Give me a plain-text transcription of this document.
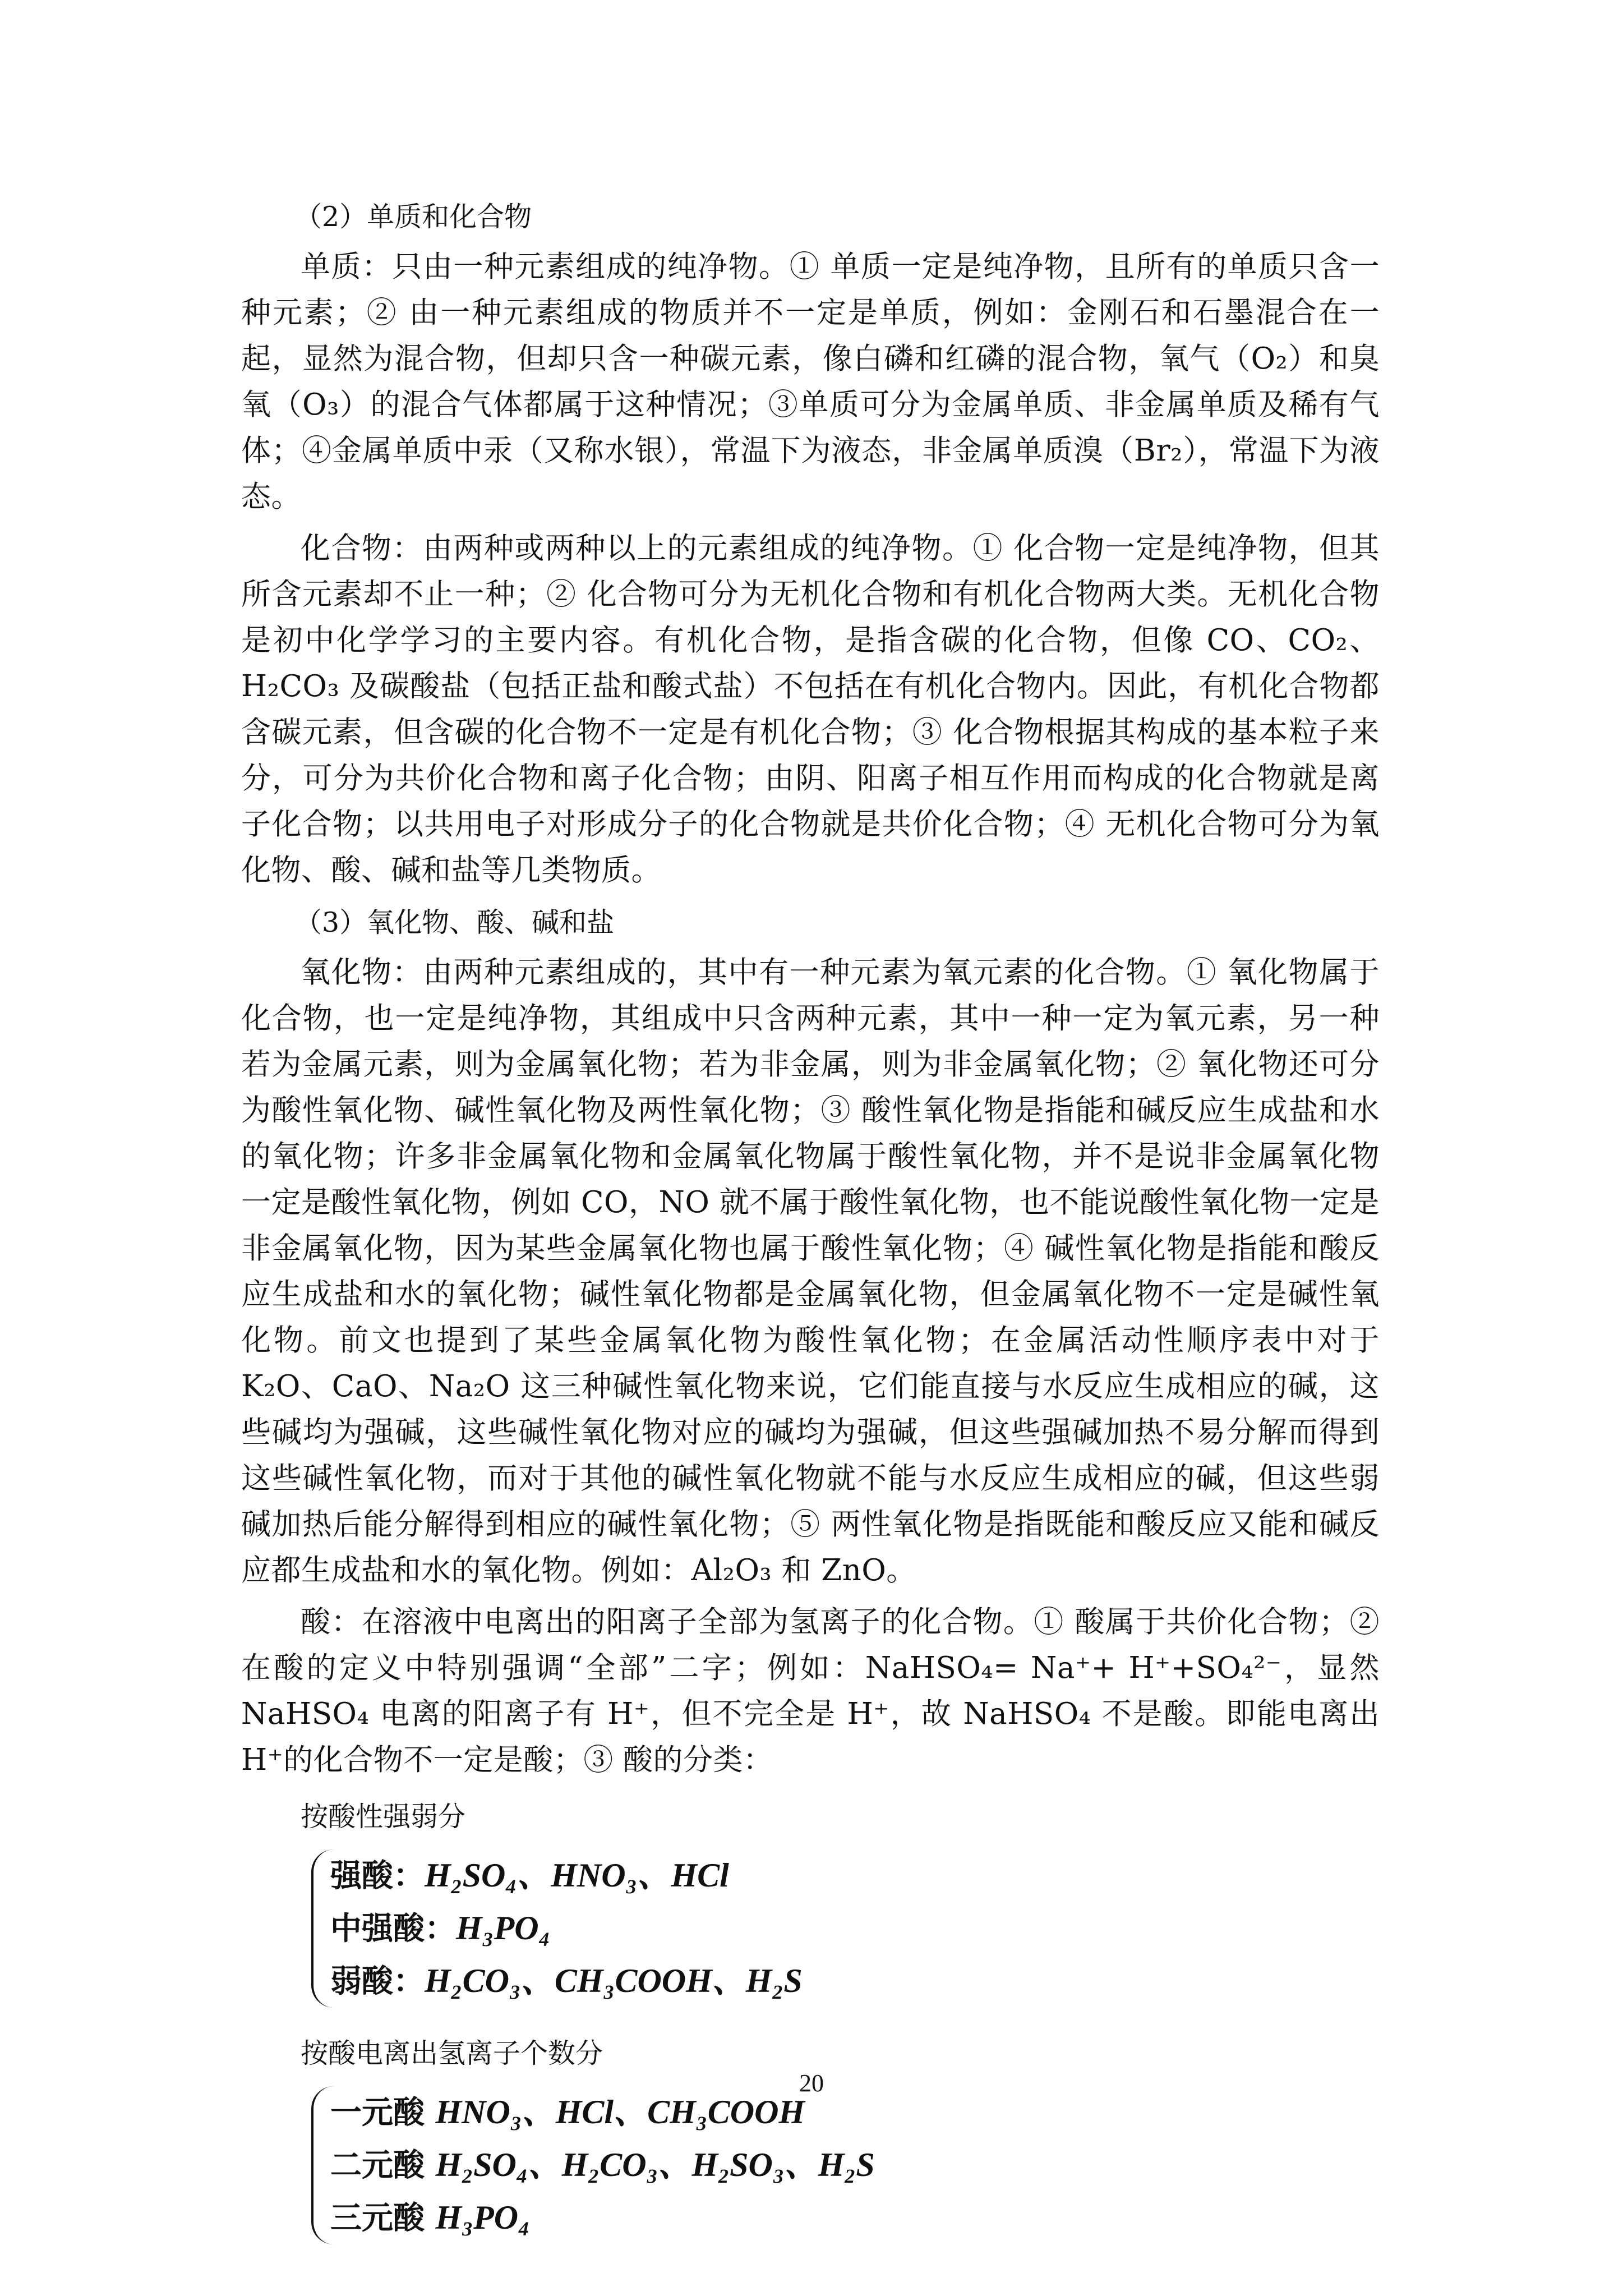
（2）单质和化合物

单质：只由一种元素组成的纯净物。① 单质一定是纯净物，且所有的单质只含一种元素；② 由一种元素组成的物质并不一定是单质，例如：金刚石和石墨混合在一起，显然为混合物，但却只含一种碳元素，像白磷和红磷的混合物，氧气（O₂）和臭氧（O₃）的混合气体都属于这种情况；③单质可分为金属单质、非金属单质及稀有气体；④金属单质中汞（又称水银），常温下为液态，非金属单质溴（Br₂），常温下为液态。

化合物：由两种或两种以上的元素组成的纯净物。① 化合物一定是纯净物，但其所含元素却不止一种；② 化合物可分为无机化合物和有机化合物两大类。无机化合物是初中化学学习的主要内容。有机化合物，是指含碳的化合物，但像 CO、CO₂、H₂CO₃ 及碳酸盐（包括正盐和酸式盐）不包括在有机化合物内。因此，有机化合物都含碳元素，但含碳的化合物不一定是有机化合物；③ 化合物根据其构成的基本粒子来分，可分为共价化合物和离子化合物；由阴、阳离子相互作用而构成的化合物就是离子化合物；以共用电子对形成分子的化合物就是共价化合物；④ 无机化合物可分为氧化物、酸、碱和盐等几类物质。

（3）氧化物、酸、碱和盐

氧化物：由两种元素组成的，其中有一种元素为氧元素的化合物。① 氧化物属于化合物，也一定是纯净物，其组成中只含两种元素，其中一种一定为氧元素，另一种若为金属元素，则为金属氧化物；若为非金属，则为非金属氧化物；② 氧化物还可分为酸性氧化物、碱性氧化物及两性氧化物；③ 酸性氧化物是指能和碱反应生成盐和水的氧化物；许多非金属氧化物和金属氧化物属于酸性氧化物，并不是说非金属氧化物一定是酸性氧化物，例如 CO，NO 就不属于酸性氧化物，也不能说酸性氧化物一定是非金属氧化物，因为某些金属氧化物也属于酸性氧化物；④ 碱性氧化物是指能和酸反应生成盐和水的氧化物；碱性氧化物都是金属氧化物，但金属氧化物不一定是碱性氧化物。前文也提到了某些金属氧化物为酸性氧化物；在金属活动性顺序表中对于 K₂O、CaO、Na₂O 这三种碱性氧化物来说，它们能直接与水反应生成相应的碱，这些碱均为强碱，这些碱性氧化物对应的碱均为强碱，但这些强碱加热不易分解而得到这些碱性氧化物，而对于其他的碱性氧化物就不能与水反应生成相应的碱，但这些弱碱加热后能分解得到相应的碱性氧化物；⑤ 两性氧化物是指既能和酸反应又能和碱反应都生成盐和水的氧化物。例如：Al₂O₃ 和 ZnO。

酸：在溶液中电离出的阳离子全部为氢离子的化合物。① 酸属于共价化合物；② 在酸的定义中特别强调“全部”二字；例如：NaHSO₄= Na⁺+ H⁺+SO₄²⁻，显然 NaHSO₄ 电离的阳离子有 H⁺，但不完全是 H⁺，故 NaHSO₄ 不是酸。即能电离出 H⁺的化合物不一定是酸；③ 酸的分类：

按酸性强弱分
强酸：H₂SO₄、HNO₃、HCl
中强酸：H₃PO₄
弱酸：H₂CO₃、CH₃COOH、H₂S
按酸电离出氢离子个数分
一元酸 HNO₃、HCl、CH₃COOH
二元酸 H₂SO₄、H₂CO₃、H₂SO₃、H₂S
三元酸 H₃PO₄
20
